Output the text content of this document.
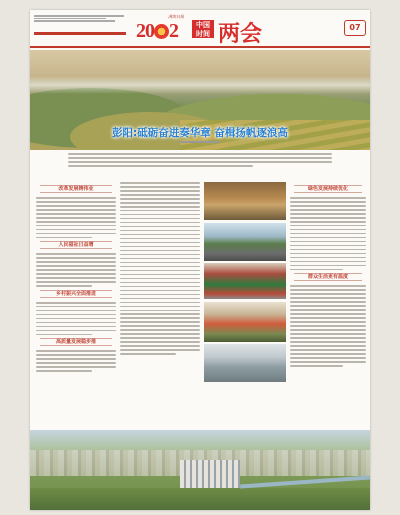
20 2
渭南日报
中国
时间 两会	07
彭阳:砥砺奋进奏华章 奋楫扬帆逐浪高
改革发展铸伟业
人民福祉日益增
乡村振兴全面推进
高质量发展稳步推
绿色发展持续优化
群众生活更有温度
